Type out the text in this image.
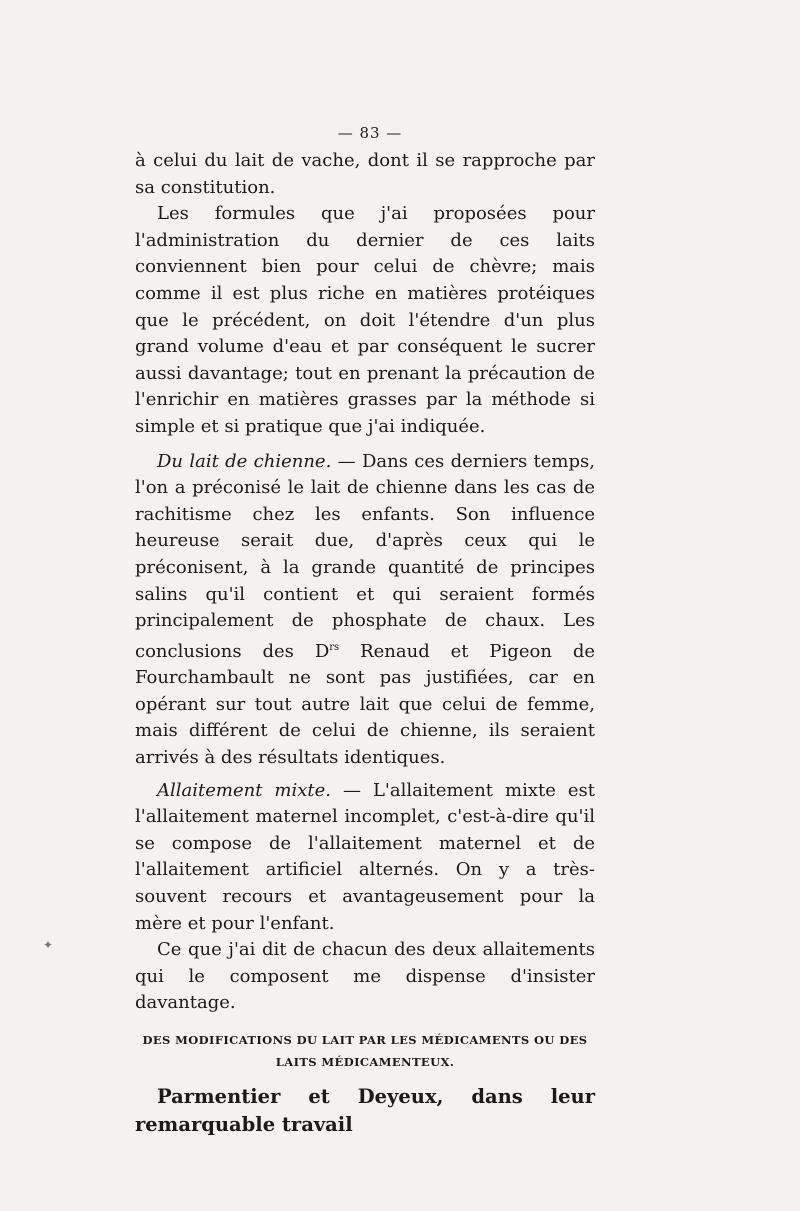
— 83 —

à celui du lait de vache, dont il se rapproche par sa constitution.

Les formules que j'ai proposées pour l'administration du dernier de ces laits conviennent bien pour celui de chèvre; mais comme il est plus riche en matières protéiques que le précédent, on doit l'étendre d'un plus grand volume d'eau et par conséquent le sucrer aussi davantage; tout en prenant la précaution de l'enrichir en matières grasses par la méthode si simple et si pratique que j'ai indiquée.

Du lait de chienne. — Dans ces derniers temps, l'on a préconisé le lait de chienne dans les cas de rachitisme chez les enfants. Son influence heureuse serait due, d'après ceux qui le préconisent, à la grande quantité de principes salins qu'il contient et qui seraient formés principalement de phosphate de chaux. Les conclusions des $D^{rs}$ Renaud et Pigeon de Fourchambault ne sont pas justifiées, car en opérant sur tout autre lait que celui de femme, mais différent de celui de chienne, ils seraient arrivés à des résultats identiques.

Allaitement mixte. — L'allaitement mixte est l'allaitement maternel incomplet, c'est-à-dire qu'il se compose de l'allaitement maternel et de l'allaitement artificiel alternés. On y a très-souvent recours et avantageusement pour la mère et pour l'enfant.

Ce que j'ai dit de chacun des deux allaitements qui le composent me dispense d'insister davantage.

DES MODIFICATIONS DU LAIT PAR LES MÉDICAMENTS OU DES LAITS MÉDICAMENTEUX.

Parmentier et Deyeux, dans leur remarquable travail

✦
